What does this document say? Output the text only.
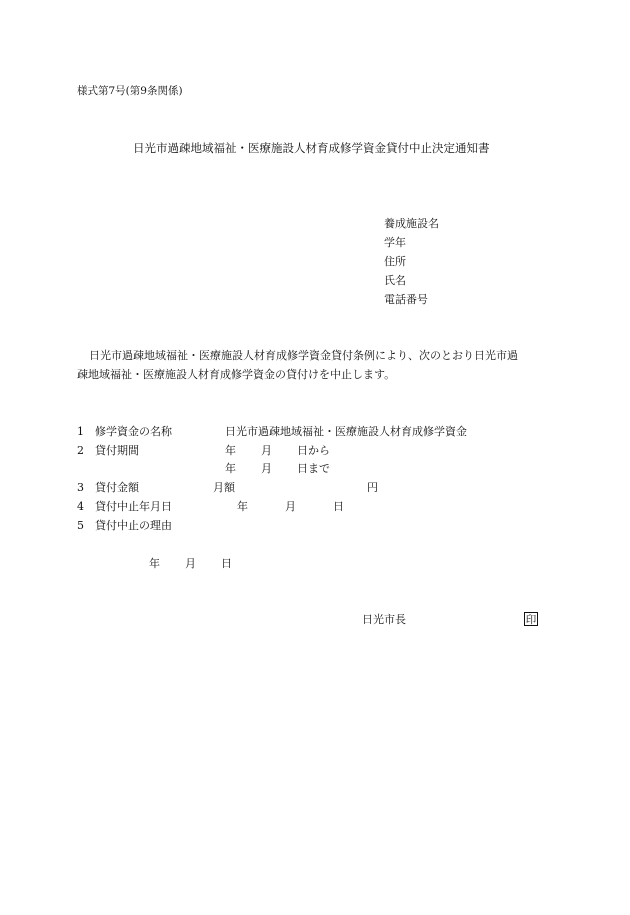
様式第7号(第9条関係)
日光市過疎地域福祉・医療施設人材育成修学資金貸付中止決定通知書
養成施設名
学年
住所
氏名
電話番号
日光市過疎地域福祉・医療施設人材育成修学資金貸付条例により、次のとおり日光市過
疎地域福祉・医療施設人材育成修学資金の貸付けを中止します。
1 修学資金の名称	日光市過疎地域福祉・医療施設人材育成修学資金
2 貸付期間	年 月 日から
年 月 日まで
3 貸付金額	月額	円
4 貸付中止年月日	年	月	日
5 貸付中止の理由
年 月 日
日光市長	印
